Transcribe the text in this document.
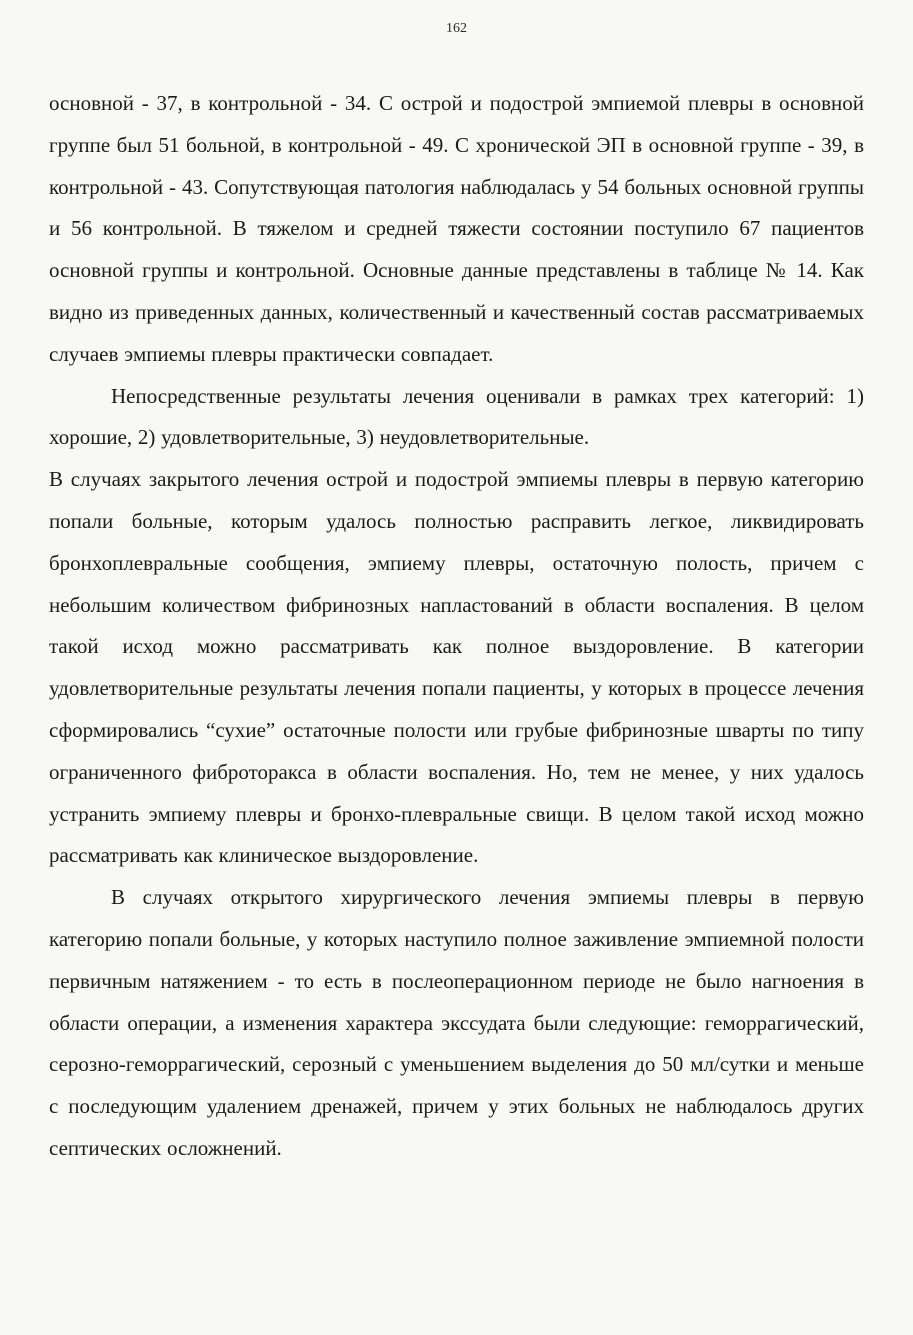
162

основной - 37, в контрольной - 34. С острой и подострой эмпиемой плевры в основной группе был 51 больной, в контрольной - 49. С хронической ЭП в основной группе - 39, в контрольной - 43. Сопутствующая патология наблюдалась у 54 больных основной группы и 56 контрольной. В тяжелом и средней тяжести состоянии поступило 67 пациентов основной группы и контрольной. Основные данные представлены в таблице № 14. Как видно из приведенных данных, количественный и качественный состав рассматриваемых случаев эмпиемы плевры практически совпадает.

Непосредственные результаты лечения оценивали в рамках трех категорий: 1) хорошие, 2) удовлетворительные, 3) неудовлетворительные.

В случаях закрытого лечения острой и подострой эмпиемы плевры в первую категорию попали больные, которым удалось полностью расправить легкое, ликвидировать бронхоплевральные сообщения, эмпиему плевры, остаточную полость, причем с небольшим количеством фибринозных напластований в области воспаления. В целом такой исход можно рассматривать как полное выздоровление. В категории удовлетворительные результаты лечения попали пациенты, у которых в процессе лечения сформировались “сухие” остаточные полости или грубые фибринозные шварты по типу ограниченного фиброторакса в области воспаления. Но, тем не менее, у них удалось устранить эмпиему плевры и бронхо-плевральные свищи. В целом такой исход можно рассматривать как клиническое выздоровление.

В случаях открытого хирургического лечения эмпиемы плевры в первую категорию попали больные, у которых наступило полное заживление эмпиемной полости первичным натяжением - то есть в послеоперационном периоде не было нагноения в области операции, а изменения характера экссудата были следующие: геморрагический, серозно-геморрагический, серозный с уменьшением выделения до 50 мл/сутки и меньше с последующим удалением дренажей, причем у этих больных не наблюдалось других септических осложнений.
